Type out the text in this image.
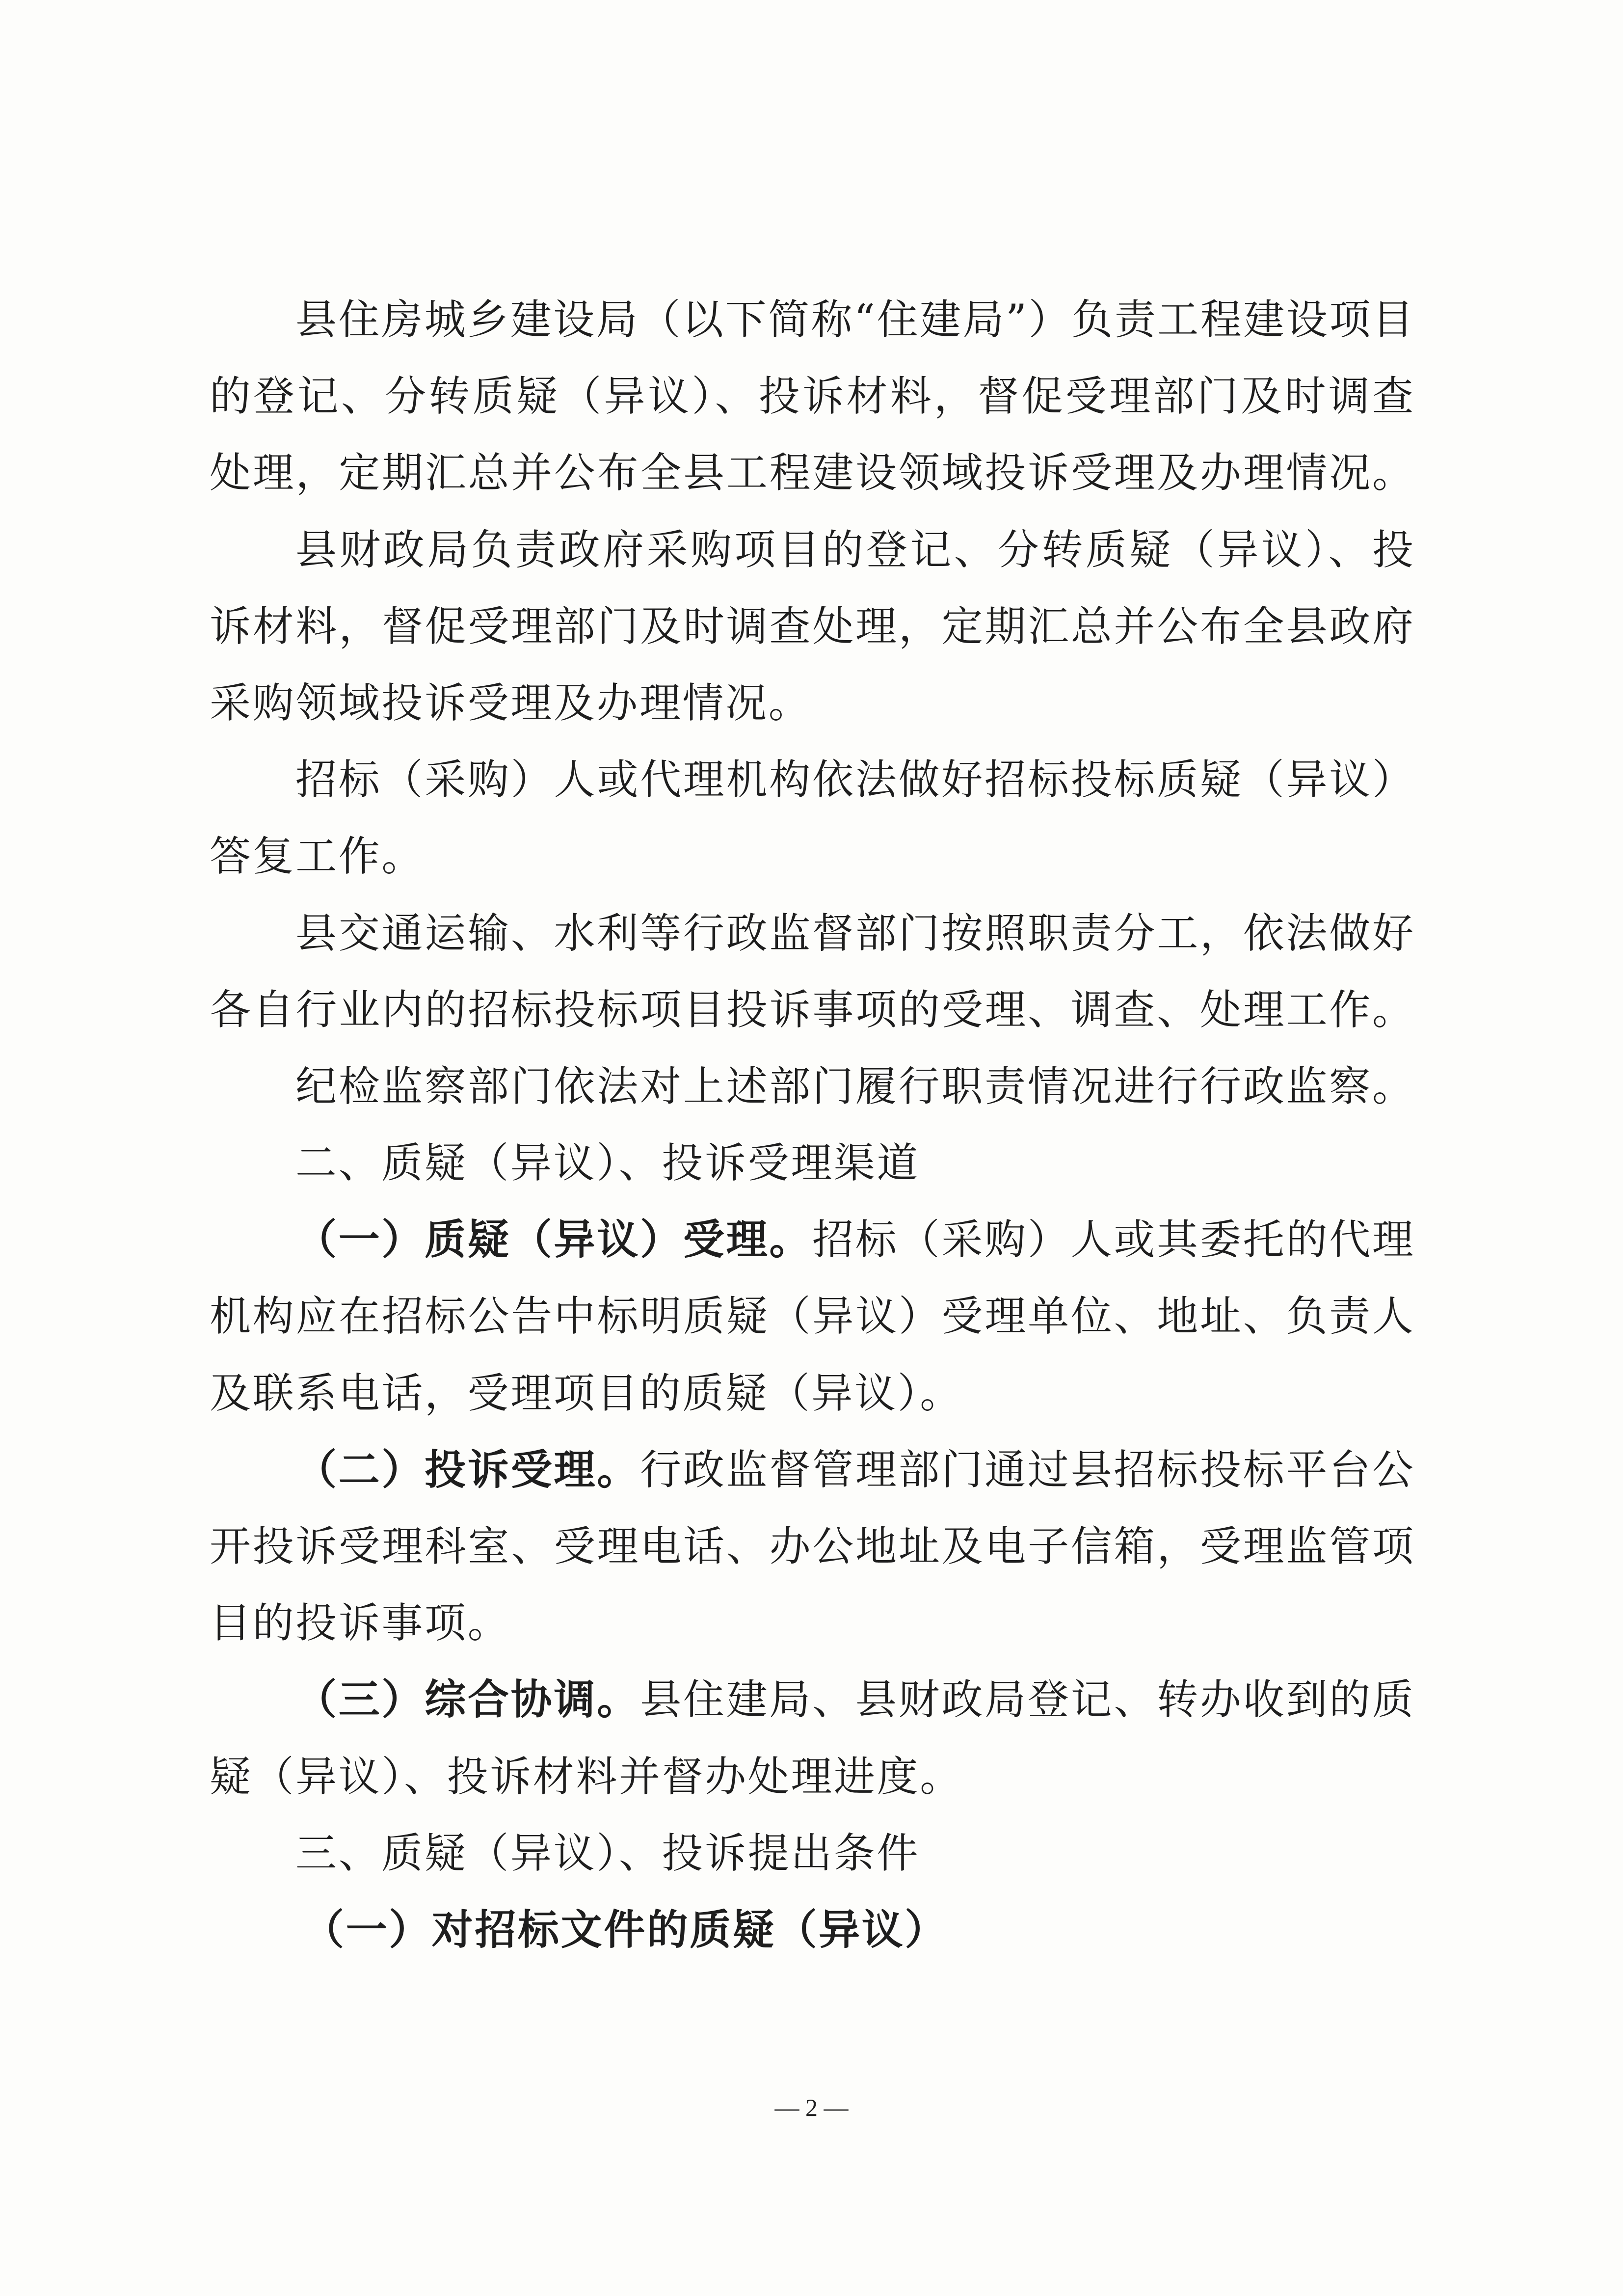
县住房城乡建设局（以下简称“住建局”）负责工程建设项目
的登记、分转质疑（异议）、投诉材料，督促受理部门及时调查
处理，定期汇总并公布全县工程建设领域投诉受理及办理情况。
县财政局负责政府采购项目的登记、分转质疑（异议）、投
诉材料，督促受理部门及时调查处理，定期汇总并公布全县政府
采购领域投诉受理及办理情况。
招标（采购）人或代理机构依法做好招标投标质疑（异议）
答复工作。
县交通运输、水利等行政监督部门按照职责分工，依法做好
各自行业内的招标投标项目投诉事项的受理、调查、处理工作。
纪检监察部门依法对上述部门履行职责情况进行行政监察。
二、质疑（异议）、投诉受理渠道
（一）质疑（异议）受理。招标（采购）人或其委托的代理
机构应在招标公告中标明质疑（异议）受理单位、地址、负责人
及联系电话，受理项目的质疑（异议）。
（二）投诉受理。行政监督管理部门通过县招标投标平台公
开投诉受理科室、受理电话、办公地址及电子信箱，受理监管项
目的投诉事项。
（三）综合协调。县住建局、县财政局登记、转办收到的质
疑（异议）、投诉材料并督办处理进度。
三、质疑（异议）、投诉提出条件
（一）对招标文件的质疑（异议）
— 2 —
